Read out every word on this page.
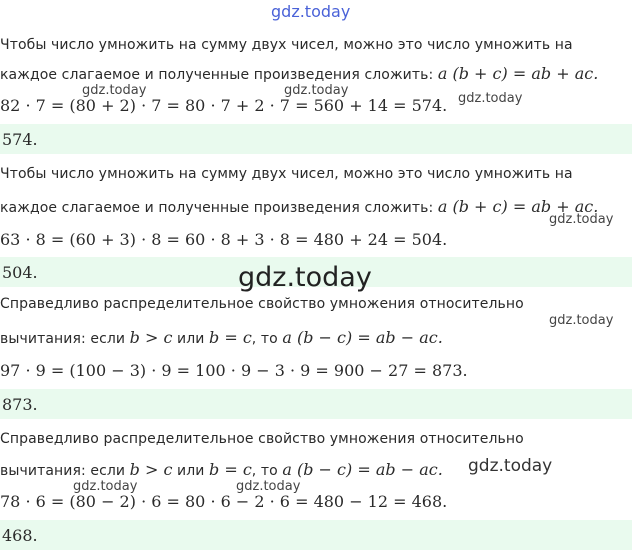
gdz.today
Чтобы число умножить на сумму двух чисел, можно это число умножить на
каждое слагаемое и полученные произведения сложить: a (b + c) = ab + ac.
82 · 7 = (80 + 2) · 7 = 80 · 7 + 2 · 7 = 560 + 14 = 574.
gdz.today	gdz.today
gdz.today
574.
Чтобы число умножить на сумму двух чисел, можно это число умножить на
каждое слагаемое и полученные произведения сложить: a (b + c) = ab + ac.
gdz.today
63 · 8 = (60 + 3) · 8 = 60 · 8 + 3 · 8 = 480 + 24 = 504.
504.	gdz.today
Справедливо распределительное свойство умножения относительно
gdz.today
вычитания: если b > c или b = c, то a (b − c) = ab − ac.
97 · 9 = (100 − 3) · 9 = 100 · 9 − 3 · 9 = 900 − 27 = 873.
873.
Справедливо распределительное свойство умножения относительно
вычитания: если b > c или b = c, то a (b − c) = ab − ac. gdz.today
gdz.today	gdz.today
78 · 6 = (80 − 2) · 6 = 80 · 6 − 2 · 6 = 480 − 12 = 468.
468.
